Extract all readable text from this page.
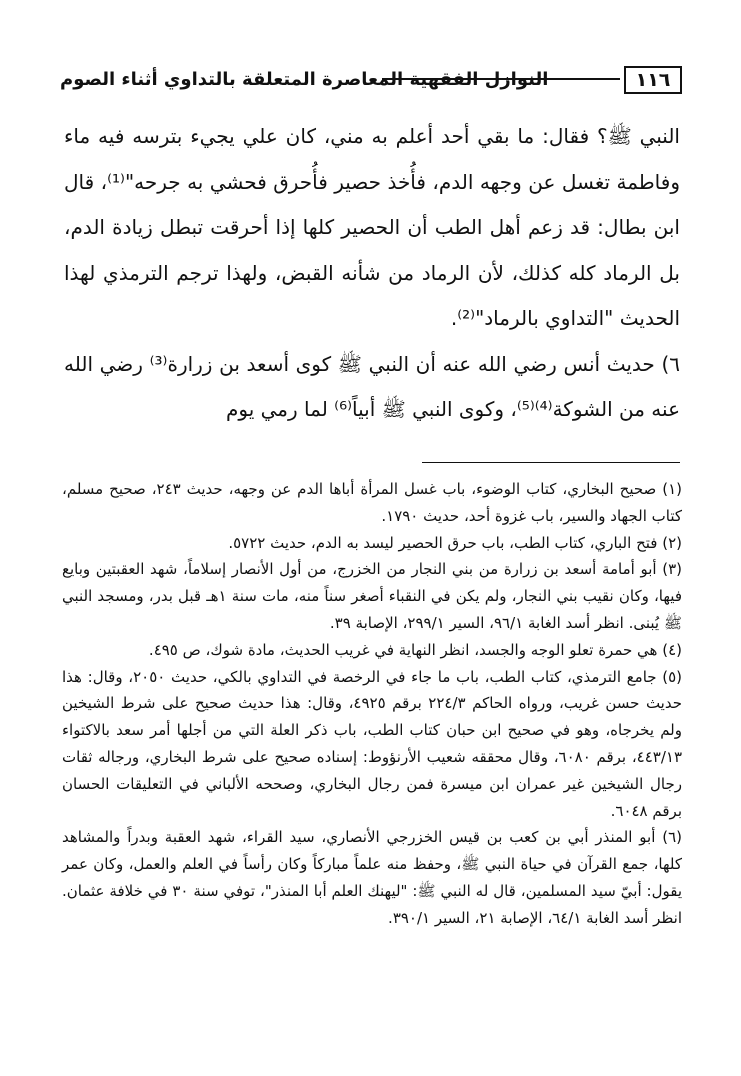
١١٦
النوازل الفقهية المعاصرة المتعلقة بالتداوي أثناء الصوم

النبي ﷺ؟ فقال: ما بقي أحد أعلم به مني، كان علي يجيء بترسه فيه ماء وفاطمة تغسل عن وجهه الدم، فأُخذ حصير فأُحرق فحشي به جرحه"⁽¹⁾، قال ابن بطال: قد زعم أهل الطب أن الحصير كلها إذا أحرقت تبطل زيادة الدم، بل الرماد كله كذلك، لأن الرماد من شأنه القبض، ولهذا ترجم الترمذي لهذا الحديث "التداوي بالرماد"⁽²⁾.

٦) حديث أنس رضي الله عنه أن النبي ﷺ كوى أسعد بن زرارة⁽³⁾ رضي الله عنه من الشوكة⁽⁴⁾⁽⁵⁾، وكوى النبي ﷺ أبياً⁽⁶⁾ لما رمي يوم

(١) صحيح البخاري، كتاب الوضوء، باب غسل المرأة أباها الدم عن وجهه، حديث ٢٤٣، صحيح مسلم، كتاب الجهاد والسير، باب غزوة أحد، حديث ١٧٩٠.

(٢) فتح الباري، كتاب الطب، باب حرق الحصير ليسد به الدم، حديث ٥٧٢٢.

(٣) أبو أمامة أسعد بن زرارة من بني النجار من الخزرج، من أول الأنصار إسلاماً، شهد العقبتين وبايع فيها، وكان نقيب بني النجار، ولم يكن في النقباء أصغر سناً منه، مات سنة ١هـ قبل بدر، ومسجد النبي ﷺ يُبنى. انظر أسد الغابة ٩٦/١، السير ٢٩٩/١، الإصابة ٣٩.

(٤) هي حمرة تعلو الوجه والجسد، انظر النهاية في غريب الحديث، مادة شوك، ص ٤٩٥.

(٥) جامع الترمذي، كتاب الطب، باب ما جاء في الرخصة في التداوي بالكي، حديث ٢٠٥٠، وقال: هذا حديث حسن غريب، ورواه الحاكم ٢٢٤/٣ برقم ٤٩٢٥، وقال: هذا حديث صحيح على شرط الشيخين ولم يخرجاه، وهو في صحيح ابن حبان كتاب الطب، باب ذكر العلة التي من أجلها أمر سعد بالاكتواء ٤٤٣/١٣، برقم ٦٠٨٠، وقال محققه شعيب الأرنؤوط: إسناده صحيح على شرط البخاري، ورجاله ثقات رجال الشيخين غير عمران ابن ميسرة فمن رجال البخاري، وصححه الألباني في التعليقات الحسان برقم ٦٠٤٨.

(٦) أبو المنذر أبي بن كعب بن قيس الخزرجي الأنصاري، سيد القراء، شهد العقبة وبدراً والمشاهد كلها، جمع القرآن في حياة النبي ﷺ، وحفظ منه علماً مباركاً وكان رأساً في العلم والعمل، وكان عمر يقول: أبيّ سيد المسلمين، قال له النبي ﷺ: "ليهنك العلم أبا المنذر"، توفي سنة ٣٠ في خلافة عثمان. انظر أسد الغابة ٦٤/١، الإصابة ٢١، السير ٣٩٠/١.
